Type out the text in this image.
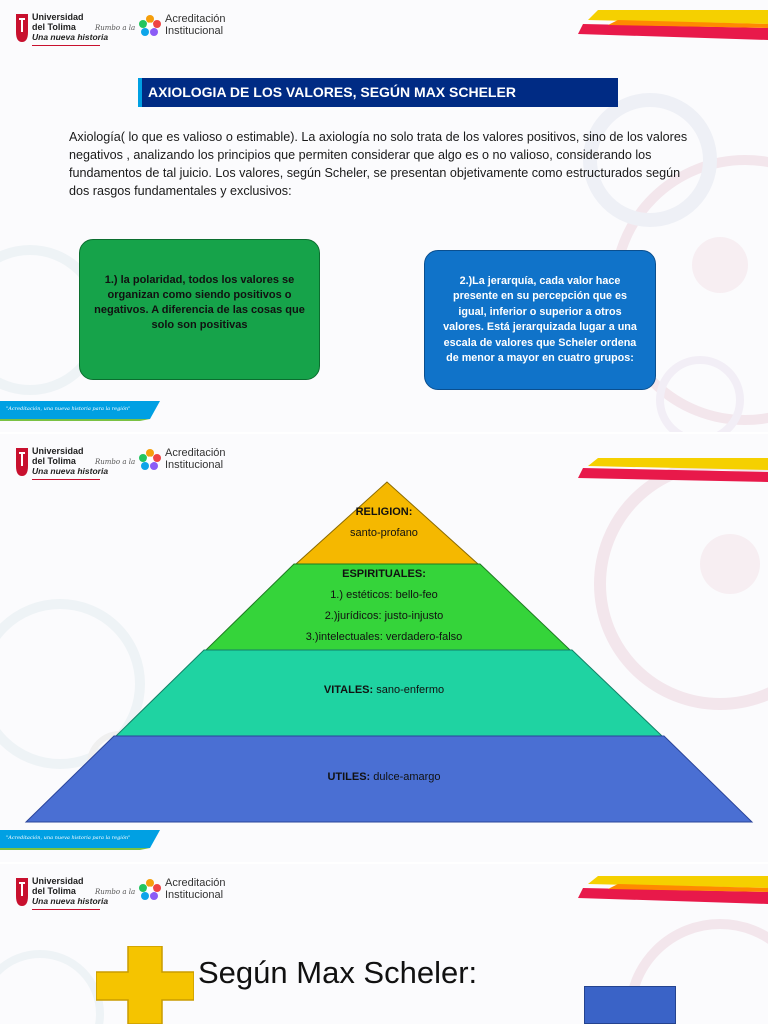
Universidad
del Tolima
Una nueva historia
Rumbo a la
Acreditación
Institucional
AXIOLOGIA DE LOS VALORES, SEGÚN MAX SCHELER

Axiología( lo que es valioso o estimable). La axiología no solo trata de los valores positivos, sino de los valores negativos , analizando los principios que permiten considerar que algo es o no valioso, considerando los fundamentos de tal juicio. Los valores, según Scheler, se presentan objetivamente como estructurados según dos rasgos fundamentales y exclusivos:

1.) la polaridad, todos los valores se organizan como siendo positivos o negativos. A diferencia de las cosas que solo son positivas
2.)La jerarquía, cada valor hace presente en su percepción que es igual, inferior o superior a otros valores. Está jerarquizada lugar a una escala de valores que Scheler ordena de menor a mayor en cuatro grupos:
"Acreditación, una nueva historia para la región"
Universidad
del Tolima
Una nueva historia
Rumbo a la
Acreditación
Institucional
RELIGION:
santo-profano
ESPIRITUALES:
1.) estéticos: bello-feo
2.)jurídicos: justo-injusto
3.)intelectuales: verdadero-falso
VITALES: sano-enfermo
UTILES: dulce-amargo
"Acreditación, una nueva historia para la región"
Universidad
del Tolima
Una nueva historia
Rumbo a la
Acreditación
Institucional
Según Max Scheler:
